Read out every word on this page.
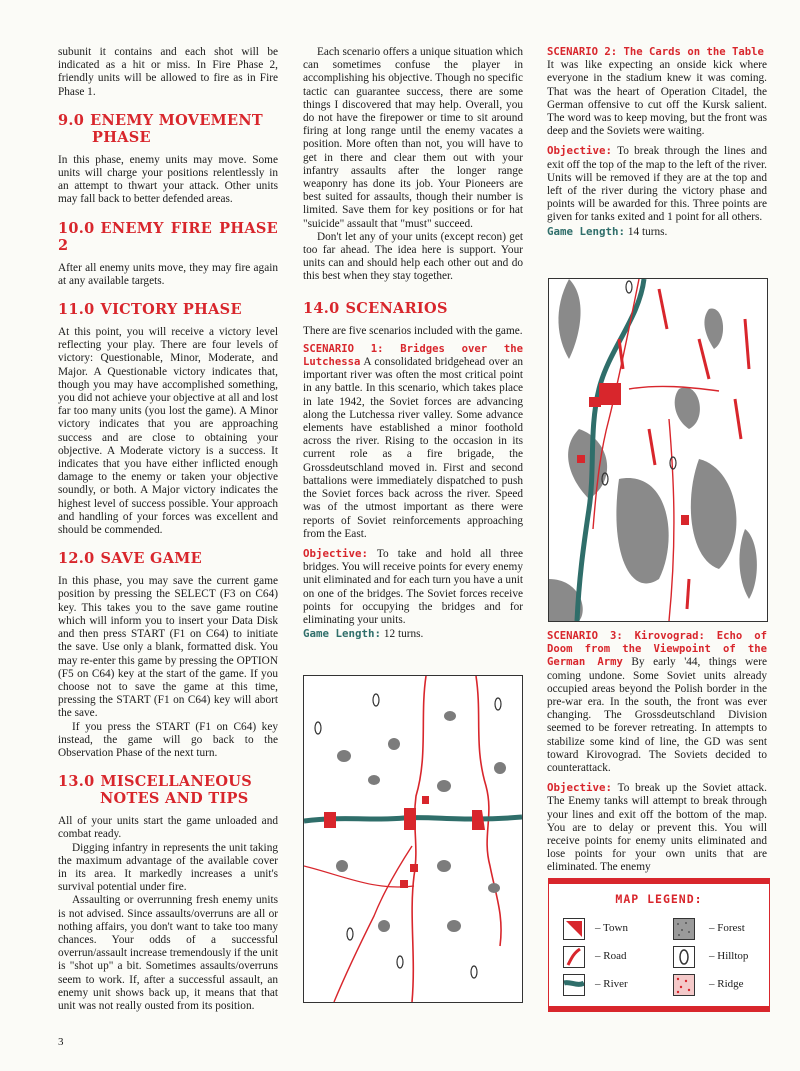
subunit it contains and each shot will be indicated as a hit or miss. In Fire Phase 2, friendly units will be allowed to fire as in Fire Phase 1.

9.0 ENEMY MOVEMENT
PHASE

In this phase, enemy units may move. Some units will charge your positions relentlessly in an attempt to thwart your attack. Other units may fall back to better defended areas.

10.0 ENEMY FIRE PHASE 2

After all enemy units move, they may fire again at any available targets.

11.0 VICTORY PHASE

At this point, you will receive a victory level reflecting your play. There are four levels of victory: Questionable, Minor, Moderate, and Major. A Questionable victory indicates that, though you may have accomplished something, you did not achieve your objective at all and lost far too many units (you lost the game). A Minor victory indicates that you are approaching success and are close to obtaining your objective. A Moderate victory is a success. It indicates that you have either inflicted enough damage to the enemy or taken your objective soundly, or both. A Major victory indicates the highest level of success possible. Your approach and handling of your forces was excellent and should be commended.

12.0 SAVE GAME

In this phase, you may save the current game position by pressing the SELECT (F3 on C64) key. This takes you to the save game routine which will inform you to insert your Data Disk and then press START (F1 on C64) to initiate the save. Use only a blank, formatted disk. You may re-enter this game by pressing the OPTION (F5 on C64) key at the start of the game. If you choose not to save the game at this time, pressing the START (F1 on C64) key will abort the save.

If you press the START (F1 on C64) key instead, the game will go back to the Observation Phase of the next turn.

13.0 MISCELLANEOUS
NOTES AND TIPS

All of your units start the game unloaded and combat ready.

Digging infantry in represents the unit taking the maximum advantage of the available cover in its area. It markedly increases a unit's survival potential under fire.

Assaulting or overrunning fresh enemy units is not advised. Since assaults/overruns are all or nothing affairs, you don't want to take too many chances. Your odds of a successful overrun/assault increase tremendously if the unit is "shot up" a bit. Sometimes assaults/overruns seem to work. If, after a successful assault, an enemy unit shows back up, it means that that unit was not really ousted from its position.

Each scenario offers a unique situation which can sometimes confuse the player in accomplishing his objective. Though no specific tactic can guarantee success, there are some things I discovered that may help. Overall, you do not have the firepower or time to sit around firing at long range until the enemy vacates a position. More often than not, you will have to get in there and clear them out with your infantry assaults after the longer range weaponry has done its job. Your Pioneers are best suited for assaults, though their number is limited. Save them for key positions or for hat "suicide" assault that "must" succeed.

Don't let any of your units (except recon) get too far ahead. The idea here is support. Your units can and should help each other out and do this best when they stay together.

14.0 SCENARIOS

There are five scenarios included with the game.

SCENARIO 1: Bridges over the Lutchessa A consolidated bridgehead over an important river was often the most critical point in any battle. In this scenario, which takes place in late 1942, the Soviet forces are advancing along the Lutchessa river valley. Some advance elements have established a minor foothold across the river. Rising to the occasion in its current role as a fire brigade, the Grossdeutschland moved in. First and second battalions were immediately dispatched to push the Soviet forces back across the river. Speed was of the utmost important as there were reports of Soviet reinforcements approaching from the East.

Objective: To take and hold all three bridges. You will receive points for every enemy unit eliminated and for each turn you have a unit on one of the bridges. The Soviet forces receive points for occupying the bridges and for eliminating your units.

Game Length: 12 turns.

SCENARIO 2: The Cards on the Table

It was like expecting an onside kick where everyone in the stadium knew it was coming. That was the heart of Operation Citadel, the German offensive to cut off the Kursk salient. The word was to keep moving, but the front was deep and the Soviets were waiting.

Objective: To break through the lines and exit off the top of the map to the left of the river. Units will be removed if they are at the top and left of the river during the victory phase and points will be awarded for this. Three points are given for tanks exited and 1 point for all others.

Game Length: 14 turns.

SCENARIO 3: Kirovograd: Echo of Doom from the Viewpoint of the German Army By early '44, things were coming undone. Some Soviet units already occupied areas beyond the Polish border in the pre-war era. In the south, the front was ever changing. The Grossdeutschland Division seemed to be forever retreating. In attempts to stabilize some kind of line, the GD was sent toward Kirovograd. The Soviets decided to counterattack.

Objective: To break up the Soviet attack. The Enemy tanks will attempt to break through your lines and exit off the bottom of the map. You are to delay or prevent this. You will receive points for enemy units eliminated and lose points for your own units that are eliminated. The enemy

MAP LEGEND:
– Town	– Forest
– Road	– Hilltop
– River	– Ridge
3
